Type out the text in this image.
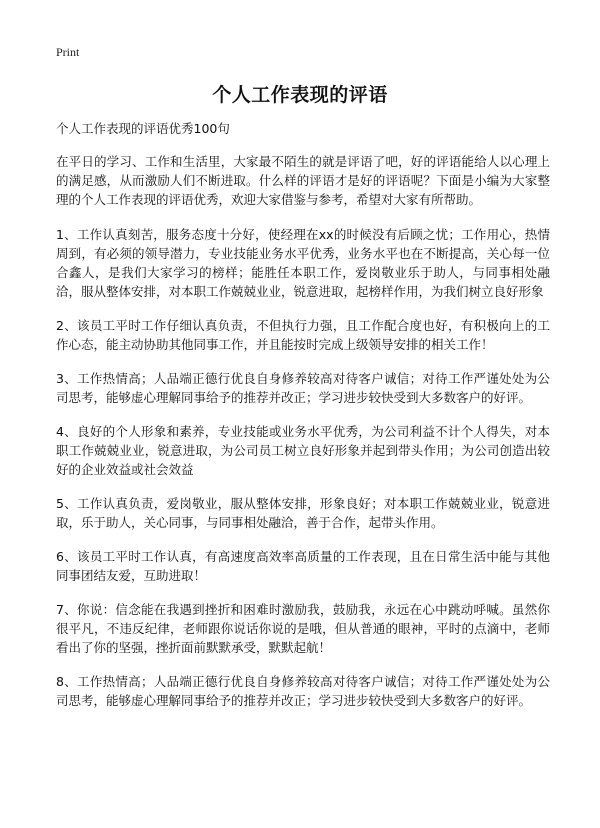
Print
个人工作表现的评语

个人工作表现的评语优秀100句

在平日的学习、工作和生活里，大家最不陌生的就是评语了吧，好的评语能给人以心理上的满足感，从而激励人们不断进取。什么样的评语才是好的评语呢？下面是小编为大家整理的个人工作表现的评语优秀，欢迎大家借鉴与参考，希望对大家有所帮助。

1、工作认真刻苦，服务态度十分好，使经理在xx的时候没有后顾之忧；工作用心，热情周到，有必须的领导潜力，专业技能业务水平优秀，业务水平也在不断提高，关心每一位合鑫人，是我们大家学习的榜样；能胜任本职工作，爱岗敬业乐于助人，与同事相处融洽，服从整体安排，对本职工作兢兢业业，锐意进取，起榜样作用，为我们树立良好形象

2、该员工平时工作仔细认真负责，不但执行力强，且工作配合度也好，有积极向上的工作心态，能主动协助其他同事工作，并且能按时完成上级领导安排的相关工作！

3、工作热情高；人品端正德行优良自身修养较高对待客户诚信；对待工作严谨处处为公司思考，能够虚心理解同事给予的推荐并改正；学习进步较快受到大多数客户的好评。

4、良好的个人形象和素养，专业技能或业务水平优秀，为公司利益不计个人得失，对本职工作兢兢业业，锐意进取，为公司员工树立良好形象并起到带头作用；为公司创造出较好的企业效益或社会效益

5、工作认真负责，爱岗敬业，服从整体安排，形象良好；对本职工作兢兢业业，锐意进取，乐于助人，关心同事，与同事相处融洽，善于合作，起带头作用。

6、该员工平时工作认真，有高速度高效率高质量的工作表现，且在日常生活中能与其他同事团结友爱，互助进取！

7、你说：信念能在我遇到挫折和困难时激励我，鼓励我，永远在心中跳动呼喊。虽然你很平凡，不违反纪律，老师跟你说话你说的是哦，但从普通的眼神，平时的点滴中，老师看出了你的坚强，挫折面前默默承受，默默起航！

8、工作热情高；人品端正德行优良自身修养较高对待客户诚信；对待工作严谨处处为公司思考，能够虚心理解同事给予的推荐并改正；学习进步较快受到大多数客户的好评。
